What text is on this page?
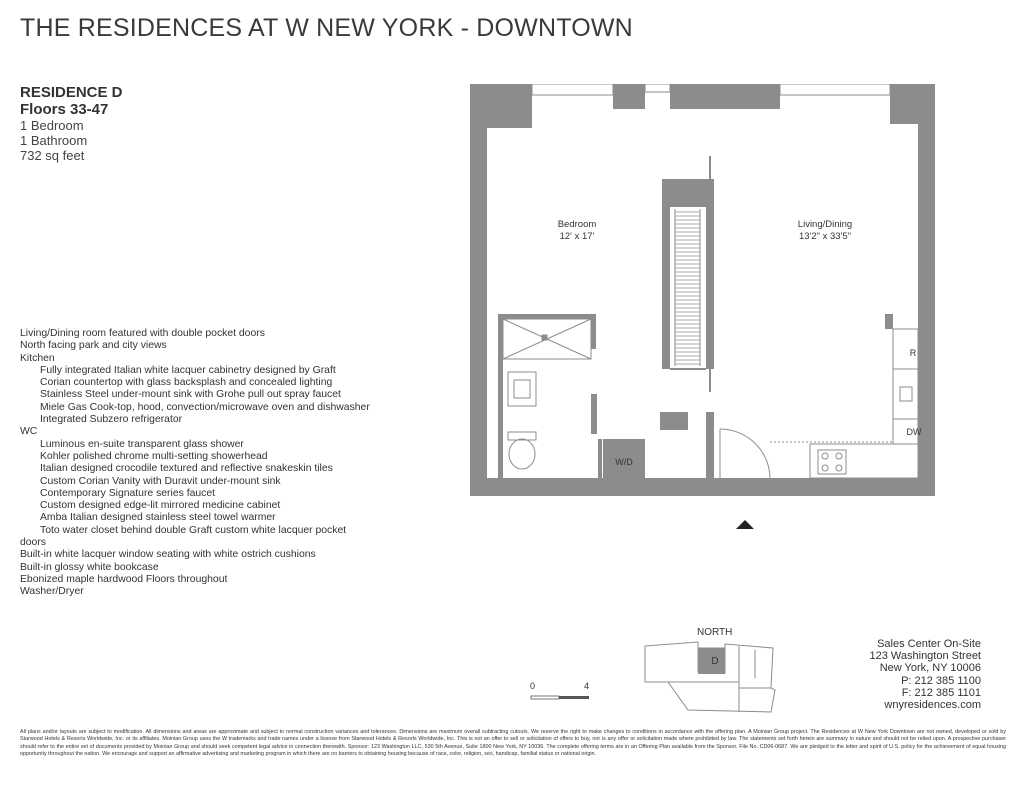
THE RESIDENCES AT W NEW YORK - DOWNTOWN
RESIDENCE D
Floors 33-47
1 Bedroom
1 Bathroom
732 sq feet
Living/Dining room featured with double pocket doors
North facing park and city views
Kitchen
Fully integrated Italian white lacquer cabinetry designed by Graft
Corian countertop with glass backsplash and concealed lighting
Stainless Steel under-mount sink with Grohe pull out spray faucet
Miele Gas Cook-top, hood, convection/microwave oven and dishwasher
Integrated Subzero refrigerator
WC
Luminous en-suite transparent glass shower
Kohler polished chrome multi-setting showerhead
Italian designed crocodile textured and reflective snakeskin tiles
Custom Corian Vanity with Duravit under-mount sink
Contemporary Signature series faucet
Custom designed edge-lit mirrored medicine cabinet
Amba Italian designed stainless steel towel warmer
Toto water closet behind double Graft custom white lacquer pocket
doors
Built-in white lacquer window seating with white ostrich cushions
Built-in glossy white bookcase
Ebonized maple hardwood Floors throughout
Washer/Dryer
W/D
R
DW
Bedroom
12' x 17'
Living/Dining
13'2" x 33'5"
NORTH
D
0	4
Sales Center On-Site
123 Washington Street
New York, NY 10006
P: 212 385 1100
F: 212 385 1101
wnyresidences.com
All plans and/or layouts are subject to modification. All dimensions and areas are approximate and subject to normal construction variances and tolerances. Dimensions are maximum overall subtracting cutouts. We reserve the right to make changes to conditions in accordance with the offering plan. A Moinian Group project. The Residences at W New York Downtown are not owned, developed or sold by Starwood Hotels & Resorts Worldwide, Inc. or its affiliates. Moinian Group uses the W trademarks and trade names under a license from Starwood Hotels & Resorts Worldwide, Inc. This is not an offer to sell or solicitation of offers to buy, nor is any offer or solicitation made where prohibited by law. The statements set forth herein are summary in nature and should not be relied upon. A prospective purchaser should refer to the entire set of documents provided by Moinian Group and should seek competent legal advice in connection therewith. Sponsor: 123 Washington LLC, 530 5th Avenue, Suite 1800 New York, NY 10036. The complete offering terms are in an Offering Plan available from the Sponsor. File No. CD06-0687. We are pledged to the letter and spirit of U.S. policy for the achievement of equal housing opportunity throughout the nation. We encourage and support an affirmative advertising and marketing program in which there are no barriers to obtaining housing because of race, color, religion, sex, handicap, familial status or national origin.
